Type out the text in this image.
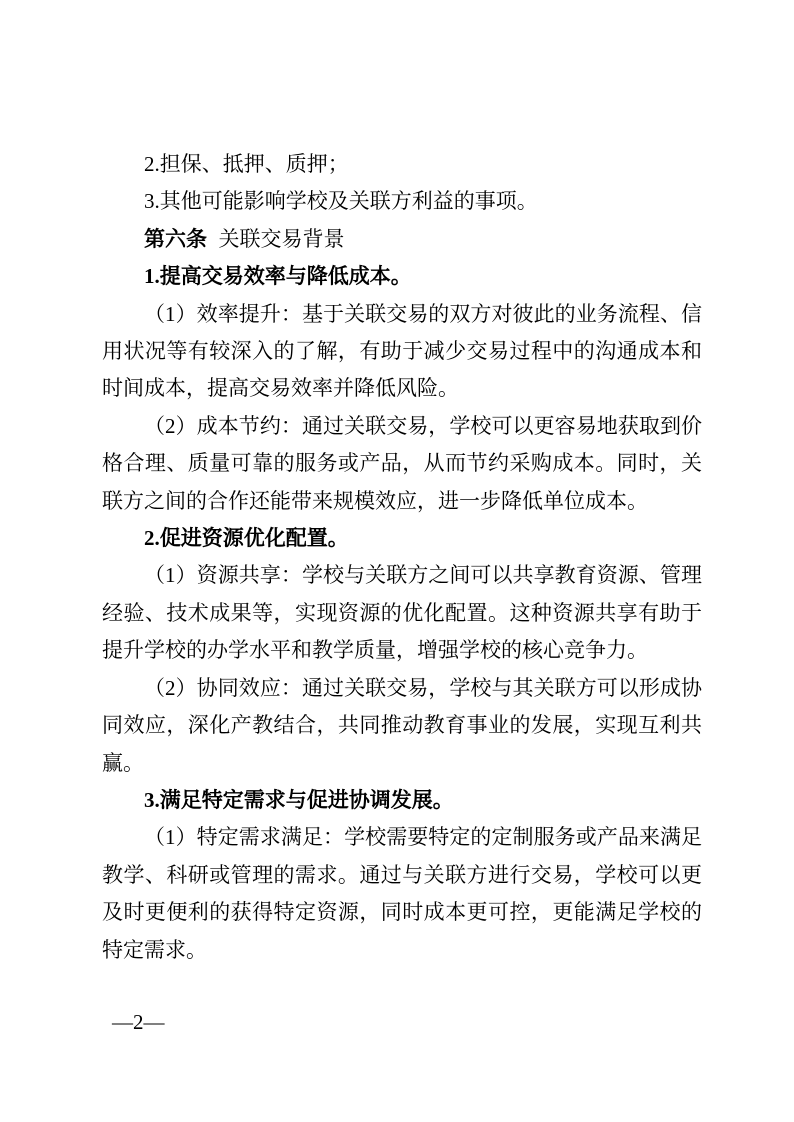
2.担保、抵押、质押；

3.其他可能影响学校及关联方利益的事项。

第六条 关联交易背景

1.提高交易效率与降低成本。

（1）效率提升：基于关联交易的双方对彼此的业务流程、信用状况等有较深入的了解，有助于减少交易过程中的沟通成本和时间成本，提高交易效率并降低风险。

（2）成本节约：通过关联交易，学校可以更容易地获取到价格合理、质量可靠的服务或产品，从而节约采购成本。同时，关联方之间的合作还能带来规模效应，进一步降低单位成本。

2.促进资源优化配置。

（1）资源共享：学校与关联方之间可以共享教育资源、管理经验、技术成果等，实现资源的优化配置。这种资源共享有助于提升学校的办学水平和教学质量，增强学校的核心竞争力。

（2）协同效应：通过关联交易，学校与其关联方可以形成协同效应，深化产教结合，共同推动教育事业的发展，实现互利共赢。

3.满足特定需求与促进协调发展。

（1）特定需求满足：学校需要特定的定制服务或产品来满足教学、科研或管理的需求。通过与关联方进行交易，学校可以更及时更便利的获得特定资源，同时成本更可控，更能满足学校的特定需求。

—2—
